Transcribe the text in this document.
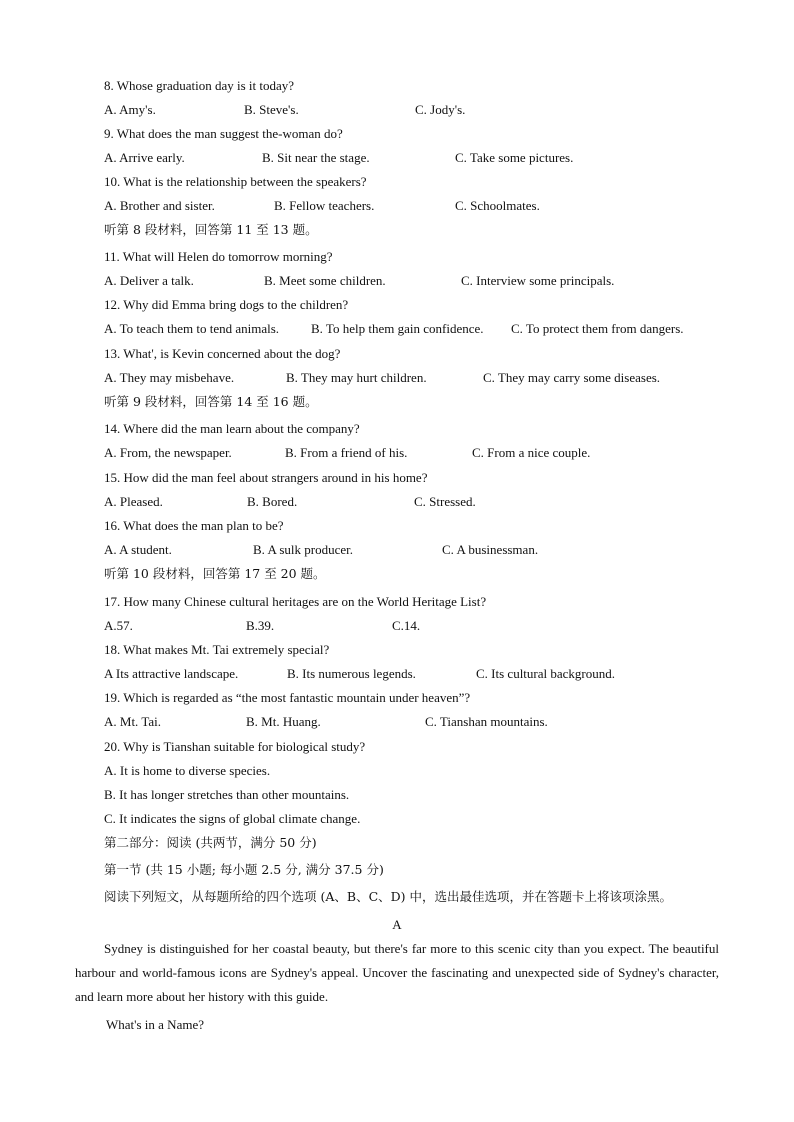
8. Whose graduation day is it today?
A. Amy's.	B. Steve's.	C. Jody's.
9. What does the man suggest the-woman do?
A. Arrive early.	B. Sit near the stage.	C. Take some pictures.
10. What is the relationship between the speakers?
A. Brother and sister.	B. Fellow teachers.	C. Schoolmates.
听第 8 段材料，回答第 11 至 13 题。
11. What will Helen do tomorrow morning?
A. Deliver a talk.	B. Meet some children.	C. Interview some principals.
12. Why did Emma bring dogs to the children?
A. To teach them to tend animals. B. To help them gain confidence. C. To protect them from dangers.
13. What', is Kevin concerned about the dog?
A. They may misbehave.	B. They may hurt children.	C. They may carry some diseases.
听第 9 段材料，回答第 14 至 16 题。
14. Where did the man learn about the company?
A. From, the newspaper.	B. From a friend of his.	C. From a nice couple.
15. How did the man feel about strangers around in his home?
A. Pleased.	B. Bored.	C. Stressed.
16. What does the man plan to be?
A. A student.	B. A sulk producer.	C. A businessman.
听第 10 段材料，回答第 17 至 20 题。
17. How many Chinese cultural heritages are on the World Heritage List?
A.57.	B.39.	C.14.
18. What makes Mt. Tai extremely special?
A Its attractive landscape.	B. Its numerous legends.	C. Its cultural background.
19. Which is regarded as “the most fantastic mountain under heaven”?
A. Mt. Tai.	B. Mt. Huang.	C. Tianshan mountains.
20. Why is Tianshan suitable for biological study?
A. It is home to diverse species.
B. It has longer stretches than other mountains.
C. It indicates the signs of global climate change.
第二部分：阅读 (共两节，满分 50 分)
第一节 (共 15 小题; 每小题 2.5 分, 满分 37.5 分)
阅读下列短文，从每题所给的四个选项 (A、B、C、D) 中，选出最佳选项，并在答题卡上将该项涂黑。
A
Sydney is distinguished for her coastal beauty, but there's far more to this scenic city than you expect. The beautiful harbour and world-famous icons are Sydney's appeal. Uncover the fascinating and unexpected side of Sydney's character, and learn more about her history with this guide.
What's in a Name?
